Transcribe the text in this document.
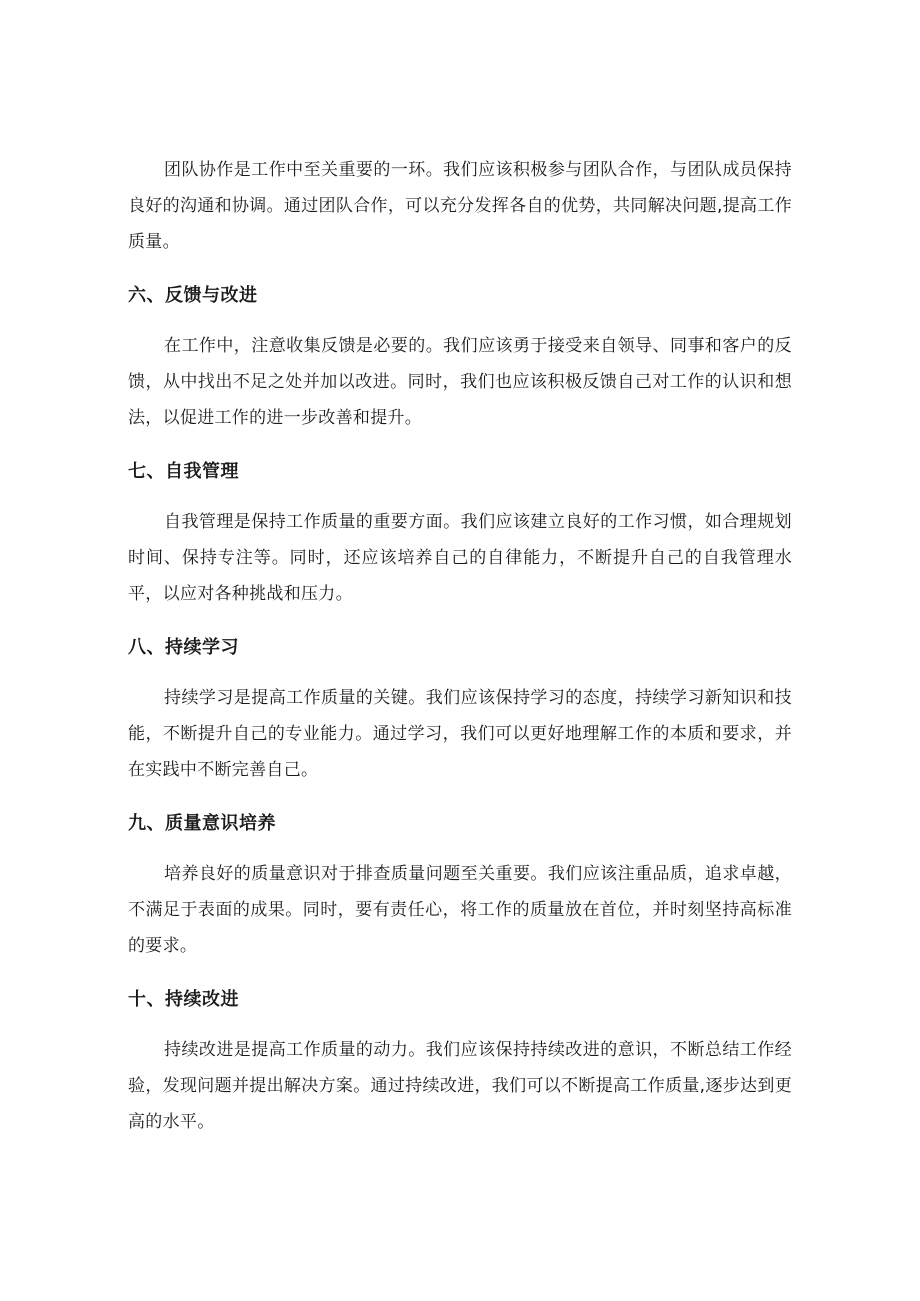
团队协作是工作中至关重要的一环。我们应该积极参与团队合作，与团队成员保持良好的沟通和协调。通过团队合作，可以充分发挥各自的优势，共同解决问题,提高工作质量。

六、反馈与改进

在工作中，注意收集反馈是必要的。我们应该勇于接受来自领导、同事和客户的反馈，从中找出不足之处并加以改进。同时，我们也应该积极反馈自己对工作的认识和想法，以促进工作的进一步改善和提升。

七、自我管理

自我管理是保持工作质量的重要方面。我们应该建立良好的工作习惯，如合理规划时间、保持专注等。同时，还应该培养自己的自律能力，不断提升自己的自我管理水平，以应对各种挑战和压力。

八、持续学习

持续学习是提高工作质量的关键。我们应该保持学习的态度，持续学习新知识和技能，不断提升自己的专业能力。通过学习，我们可以更好地理解工作的本质和要求，并在实践中不断完善自己。

九、质量意识培养

培养良好的质量意识对于排查质量问题至关重要。我们应该注重品质，追求卓越，不满足于表面的成果。同时，要有责任心，将工作的质量放在首位，并时刻坚持高标准的要求。

十、持续改进

持续改进是提高工作质量的动力。我们应该保持持续改进的意识，不断总结工作经验，发现问题并提出解决方案。通过持续改进，我们可以不断提高工作质量,逐步达到更高的水平。
